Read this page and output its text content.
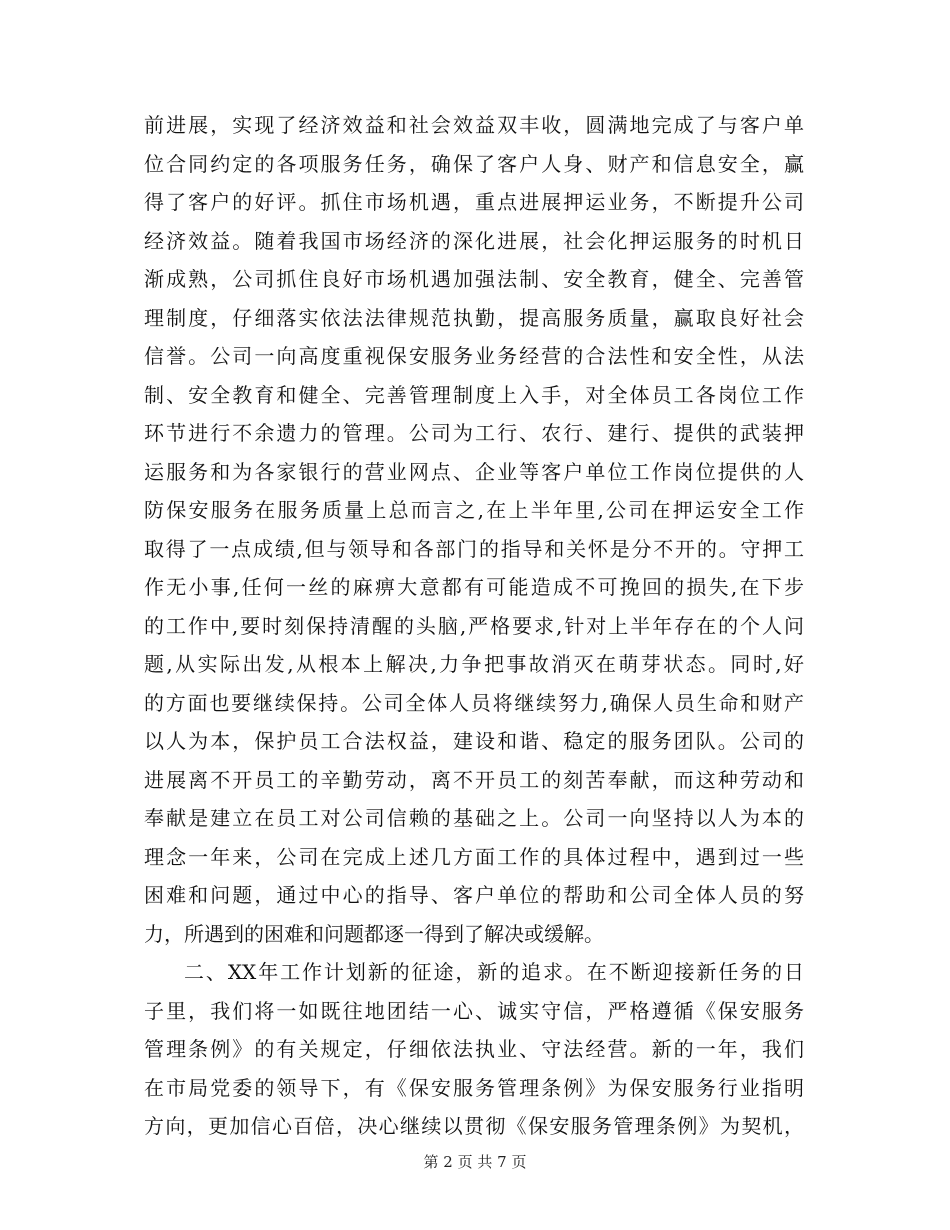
前进展，实现了经济效益和社会效益双丰收，圆满地完成了与客户单
位合同约定的各项服务任务，确保了客户人身、财产和信息安全，赢
得了客户的好评。抓住市场机遇，重点进展押运业务，不断提升公司
经济效益。随着我国市场经济的深化进展，社会化押运服务的时机日
渐成熟，公司抓住良好市场机遇加强法制、安全教育，健全、完善管
理制度，仔细落实依法法律规范执勤，提高服务质量，赢取良好社会
信誉。公司一向高度重视保安服务业务经营的合法性和安全性，从法
制、安全教育和健全、完善管理制度上入手，对全体员工各岗位工作
环节进行不余遗力的管理。公司为工行、农行、建行、提供的武装押
运服务和为各家银行的营业网点、企业等客户单位工作岗位提供的人
防保安服务在服务质量上总而言之,在上半年里,公司在押运安全工作
取得了一点成绩,但与领导和各部门的指导和关怀是分不开的。守押工
作无小事,任何一丝的麻痹大意都有可能造成不可挽回的损失,在下步
的工作中,要时刻保持清醒的头脑,严格要求,针对上半年存在的个人问
题,从实际出发,从根本上解决,力争把事故消灭在萌芽状态。同时,好
的方面也要继续保持。公司全体人员将继续努力,确保人员生命和财产
以人为本，保护员工合法权益，建设和谐、稳定的服务团队。公司的
进展离不开员工的辛勤劳动，离不开员工的刻苦奉献，而这种劳动和
奉献是建立在员工对公司信赖的基础之上。公司一向坚持以人为本的
理念一年来，公司在完成上述几方面工作的具体过程中，遇到过一些
困难和问题，通过中心的指导、客户单位的帮助和公司全体人员的努
力，所遇到的困难和问题都逐一得到了解决或缓解。

二、XX年工作计划新的征途，新的追求。在不断迎接新任务的日
子里，我们将一如既往地团结一心、诚实守信，严格遵循《保安服务
管理条例》的有关规定，仔细依法执业、守法经营。新的一年，我们
在市局党委的领导下，有《保安服务管理条例》为保安服务行业指明
方向，更加信心百倍，决心继续以贯彻《保安服务管理条例》为契机，

第 2 页 共 7 页
